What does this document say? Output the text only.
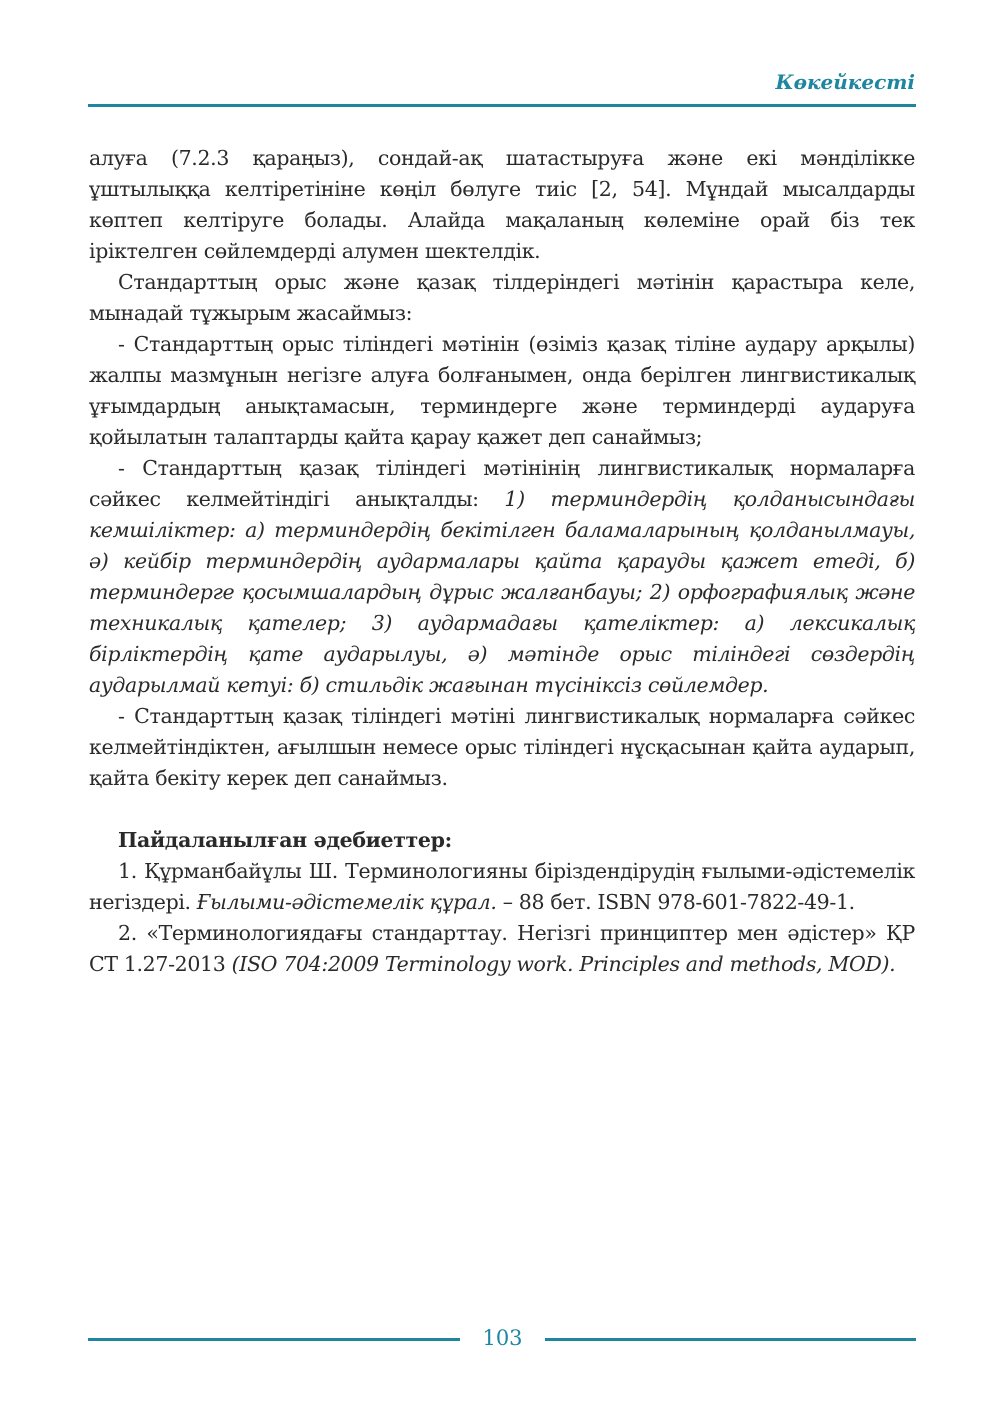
Көкейкесті

алуға (7.2.3 қараңыз), сондай-ақ шатастыруға және екі мәнділікке ұштылыққа келтіретініне көңіл бөлуге тиіс [2, 54]. Мұндай мысалдарды көптеп келтіруге болады. Алайда мақаланың көлеміне орай біз тек іріктелген сөйлемдерді алумен шектелдік.

Стандарттың орыс және қазақ тілдеріндегі мәтінін қарастыра келе, мынадай тұжырым жасаймыз:

- Стандарттың орыс тіліндегі мәтінін (өзіміз қазақ тіліне аудару арқылы) жалпы мазмұнын негізге алуға болғанымен, онда берілген лингвистикалық ұғымдардың анықтамасын, терминдерге және терминдерді аударуға қойылатын талаптарды қайта қарау қажет деп санаймыз;

- Стандарттың қазақ тіліндегі мәтінінің лингвистикалық нормаларға сәйкес келмейтіндігі анықталды: 1) терминдердің қолданысындағы кемшіліктер: а) терминдердің бекітілген баламаларының қолданылмауы, ә) кейбір терминдердің аудармалары қайта қарауды қажет етеді, б) терминдерге қосымшалардың дұрыс жалғанбауы; 2) орфографиялық және техникалық қателер; 3) аудармадағы қателіктер: а) лексикалық бірліктердің қате аударылуы, ә) мәтінде орыс тіліндегі сөздердің аударылмай кетуі: б) стильдік жағынан түсініксіз сөйлемдер.

- Стандарттың қазақ тіліндегі мәтіні лингвистикалық нормаларға сәйкес келмейтіндіктен, ағылшын немесе орыс тіліндегі нұсқасынан қайта аударып, қайта бекіту керек деп санаймыз.

Пайдаланылған әдебиеттер:

1. Құрманбайұлы Ш. Терминологияны біріздендірудің ғылыми-әдістемелік негіздері. Ғылыми-әдістемелік құрал. – 88 бет. ISBN 978-601-7822-49-1.

2. «Терминологиядағы стандарттау. Негізгі принциптер мен әдістер» ҚР СТ 1.27-2013 (ISO 704:2009 Terminology work. Principles and methods, MOD).

103
